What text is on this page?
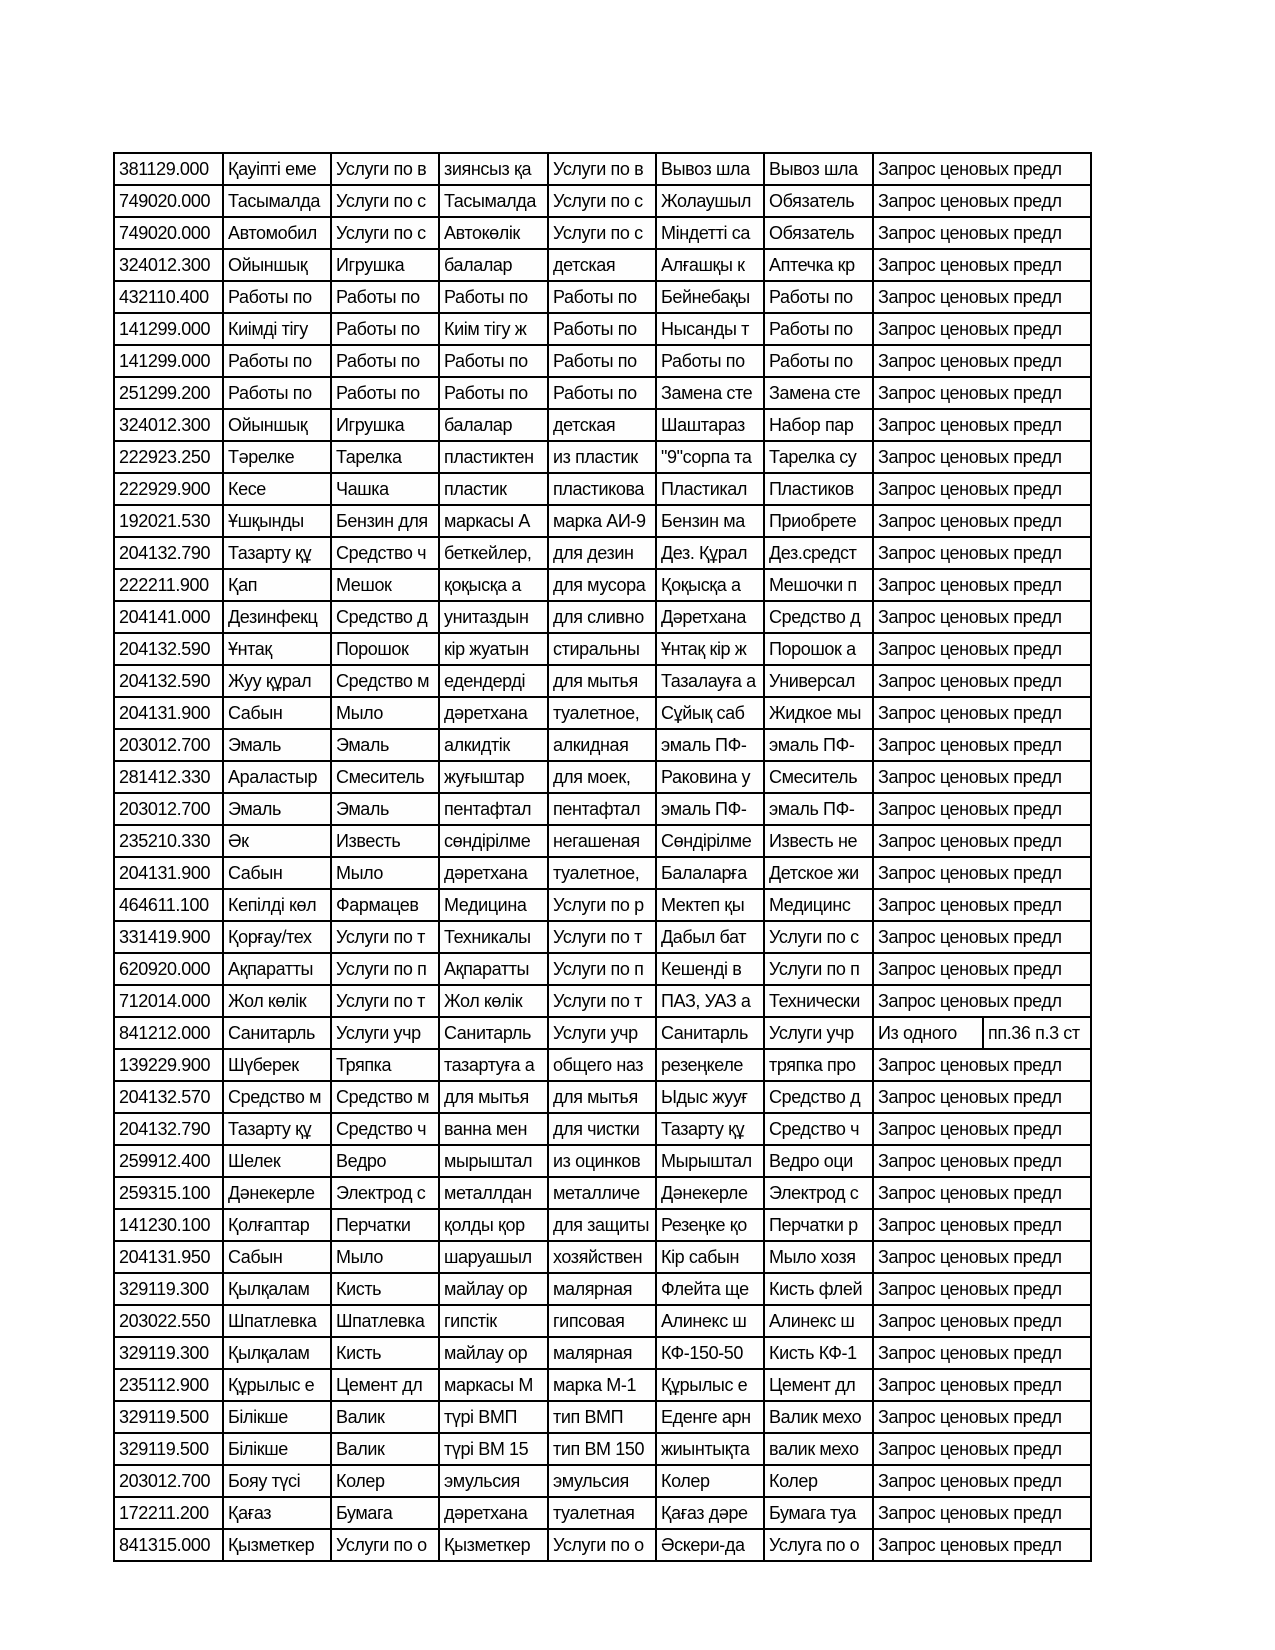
381129.000	Қауіпті еме	Услуги по в	зиянсыз қа	Услуги по в	Вывоз шла	Вывоз шла	Запрос ценовых предл	
749020.000	Тасымалда	Услуги по с	Тасымалда	Услуги по с	Жолаушыл	Обязатель	Запрос ценовых предл	
749020.000	Автомобил	Услуги по с	Автокөлік	Услуги по с	Міндетті са	Обязатель	Запрос ценовых предл	
324012.300	Ойыншық	Игрушка	балалар	детская	Алғашқы к	Аптечка кр	Запрос ценовых предл	
432110.400	Работы по	Работы по	Работы по	Работы по	Бейнебақы	Работы по	Запрос ценовых предл	
141299.000	Киімді тігу	Работы по	Киім тігу ж	Работы по	Нысанды т	Работы по	Запрос ценовых предл	
141299.000	Работы по	Работы по	Работы по	Работы по	Работы по	Работы по	Запрос ценовых предл	
251299.200	Работы по	Работы по	Работы по	Работы по	Замена сте	Замена сте	Запрос ценовых предл	
324012.300	Ойыншық	Игрушка	балалар	детская	Шаштараз	Набор пар	Запрос ценовых предл	
222923.250	Тәрелке	Тарелка	пластиктен	из пластик	"9"сорпа та	Тарелка су	Запрос ценовых предл	
222929.900	Кесе	Чашка	пластик	пластикова	Пластикал	Пластиков	Запрос ценовых предл	
192021.530	Ұшқынды	Бензин для	маркасы А	марка АИ-9	Бензин ма	Приобрете	Запрос ценовых предл	
204132.790	Тазарту құ	Средство ч	беткейлер,	для дезин	Дез. Құрал	Дез.средст	Запрос ценовых предл	
222211.900	Қап	Мешок	қоқысқа а	для мусора	Қоқысқа а	Мешочки п	Запрос ценовых предл	
204141.000	Дезинфекц	Средство д	унитаздын	для сливно	Дәретхана	Средство д	Запрос ценовых предл	
204132.590	Ұнтақ	Порошок	кір жуатын	стиральны	Ұнтақ кір ж	Порошок а	Запрос ценовых предл	
204132.590	Жуу құрал	Средство м	едендерді	для мытья	Тазалауға а	Универсал	Запрос ценовых предл	
204131.900	Сабын	Мыло	дәретхана	туалетное,	Сұйық саб	Жидкое мы	Запрос ценовых предл	
203012.700	Эмаль	Эмаль	алкидтік	алкидная	эмаль ПФ-	эмаль ПФ-	Запрос ценовых предл	
281412.330	Араластыр	Смеситель	жуғыштар	для моек,	Раковина у	Смеситель	Запрос ценовых предл	
203012.700	Эмаль	Эмаль	пентафтал	пентафтал	эмаль ПФ-	эмаль ПФ-	Запрос ценовых предл	
235210.330	Әк	Известь	сөндірілме	негашеная	Сөндірілме	Известь не	Запрос ценовых предл	
204131.900	Сабын	Мыло	дәретхана	туалетное,	Балаларға	Детское жи	Запрос ценовых предл	
464611.100	Кепілді көл	Фармацев	Медицина	Услуги по р	Мектеп қы	Медицинс	Запрос ценовых предл	
331419.900	Қорғау/тех	Услуги по т	Техникалы	Услуги по т	Дабыл бат	Услуги по с	Запрос ценовых предл	
620920.000	Ақпаратты	Услуги по п	Ақпаратты	Услуги по п	Кешенді в	Услуги по п	Запрос ценовых предл	
712014.000	Жол көлік	Услуги по т	Жол көлік	Услуги по т	ПАЗ, УАЗ а	Технически	Запрос ценовых предл	
841212.000	Санитарль	Услуги учр	Санитарль	Услуги учр	Санитарль	Услуги учр	Из одного	пп.36 п.3 ст
139229.900	Шүберек	Тряпка	тазартуға а	общего наз	резеңкеле	тряпка про	Запрос ценовых предл	
204132.570	Средство м	Средство м	для мытья	для мытья	Ыдыс жууғ	Средство д	Запрос ценовых предл	
204132.790	Тазарту құ	Средство ч	ванна мен	для чистки	Тазарту құ	Средство ч	Запрос ценовых предл	
259912.400	Шелек	Ведро	мырыштал	из оцинков	Мырыштал	Ведро оци	Запрос ценовых предл	
259315.100	Дәнекерле	Электрод с	металлдан	металличе	Дәнекерле	Электрод с	Запрос ценовых предл	
141230.100	Қолғаптар	Перчатки	қолды қор	для защиты	Резеңке қо	Перчатки р	Запрос ценовых предл	
204131.950	Сабын	Мыло	шаруашыл	хозяйствен	Кір сабын	Мыло хозя	Запрос ценовых предл	
329119.300	Қылқалам	Кисть	майлау ор	малярная	Флейта ще	Кисть флей	Запрос ценовых предл	
203022.550	Шпатлевка	Шпатлевка	гипстік	гипсовая	Алинекс ш	Алинекс ш	Запрос ценовых предл	
329119.300	Қылқалам	Кисть	майлау ор	малярная	КФ-150-50	Кисть КФ-1	Запрос ценовых предл	
235112.900	Құрылыс е	Цемент дл	маркасы М	марка М-1	Құрылыс е	Цемент дл	Запрос ценовых предл	
329119.500	Білікше	Валик	түрі ВМП	тип ВМП	Еденге арн	Валик мехо	Запрос ценовых предл	
329119.500	Білікше	Валик	түрі ВМ 15	тип ВМ 150	жиынтықта	валик мехо	Запрос ценовых предл	
203012.700	Бояу түсі	Колер	эмульсия	эмульсия	Колер	Колер	Запрос ценовых предл	
172211.200	Қағаз	Бумага	дәретхана	туалетная	Қағаз дәре	Бумага туа	Запрос ценовых предл	
841315.000	Қызметкер	Услуги по о	Қызметкер	Услуги по о	Әскери-да	Услуга по о	Запрос ценовых предл	
